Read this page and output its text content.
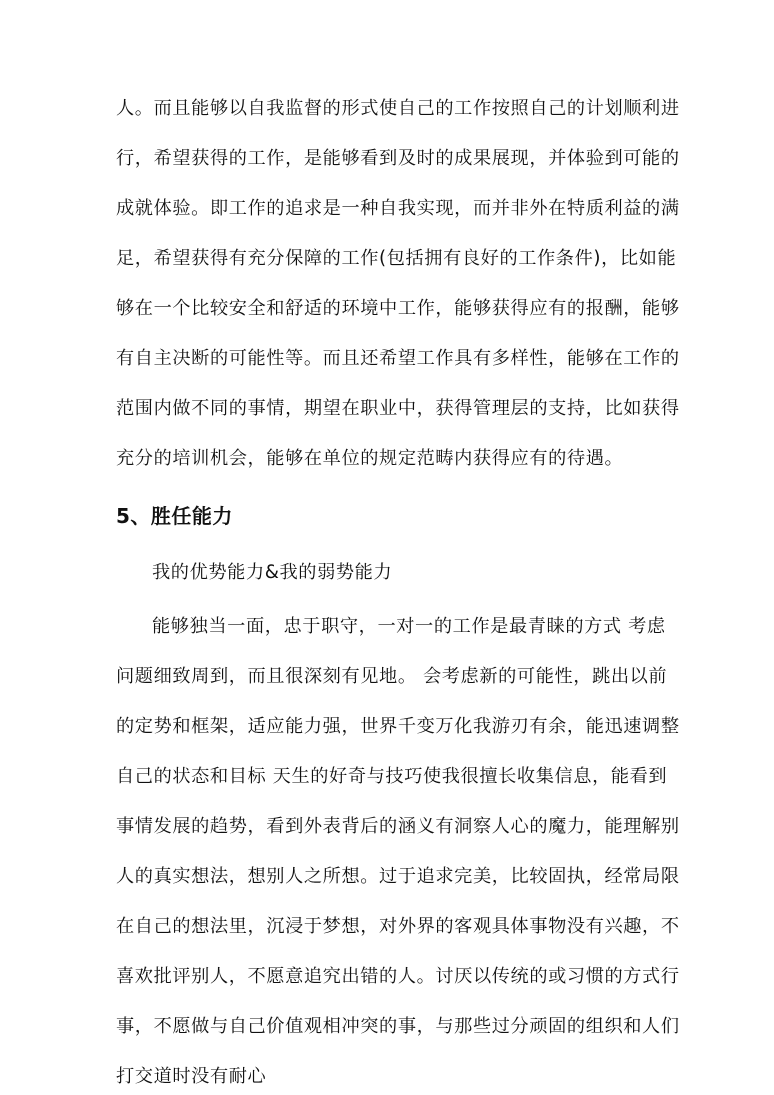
人。而且能够以自我监督的形式使自己的工作按照自己的计划顺利进
行，希望获得的工作，是能够看到及时的成果展现，并体验到可能的
成就体验。即工作的追求是一种自我实现，而并非外在特质利益的满
足，希望获得有充分保障的工作(包括拥有良好的工作条件)，比如能
够在一个比较安全和舒适的环境中工作，能够获得应有的报酬，能够
有自主决断的可能性等。而且还希望工作具有多样性，能够在工作的
范围内做不同的事情，期望在职业中，获得管理层的支持，比如获得
充分的培训机会，能够在单位的规定范畴内获得应有的待遇。
5、胜任能力
我的优势能力&我的弱势能力
能够独当一面，忠于职守，一对一的工作是最青睐的方式 考虑
问题细致周到，而且很深刻有见地。 会考虑新的可能性，跳出以前
的定势和框架，适应能力强，世界千变万化我游刃有余，能迅速调整
自己的状态和目标 天生的好奇与技巧使我很擅长收集信息，能看到
事情发展的趋势，看到外表背后的涵义有洞察人心的魔力，能理解别
人的真实想法，想别人之所想。过于追求完美，比较固执，经常局限
在自己的想法里，沉浸于梦想，对外界的客观具体事物没有兴趣，不
喜欢批评别人，不愿意追究出错的人。讨厌以传统的或习惯的方式行
事，不愿做与自己价值观相冲突的事，与那些过分顽固的组织和人们
打交道时没有耐心
